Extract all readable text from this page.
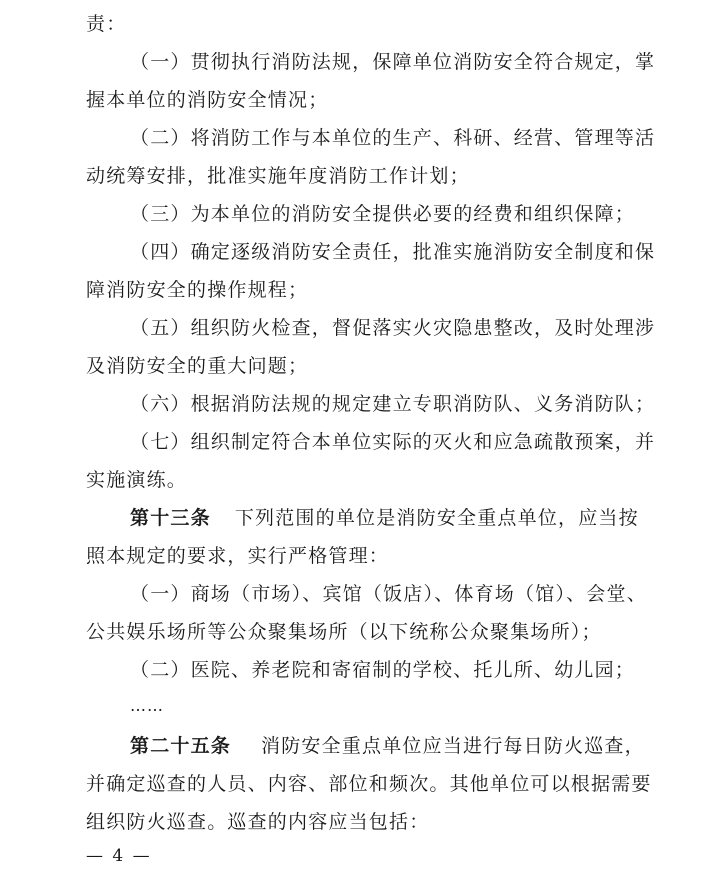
责：
（一）贯彻执行消防法规，保障单位消防安全符合规定，掌
握本单位的消防安全情况；
（二）将消防工作与本单位的生产、科研、经营、管理等活
动统筹安排，批准实施年度消防工作计划；
（三）为本单位的消防安全提供必要的经费和组织保障；
（四）确定逐级消防安全责任，批准实施消防安全制度和保
障消防安全的操作规程；
（五）组织防火检查，督促落实火灾隐患整改，及时处理涉
及消防安全的重大问题；
（六）根据消防法规的规定建立专职消防队、义务消防队；
（七）组织制定符合本单位实际的灭火和应急疏散预案，并
实施演练。
第十三条 下列范围的单位是消防安全重点单位，应当按
照本规定的要求，实行严格管理：
（一）商场（市场）、宾馆（饭店）、体育场（馆）、会堂、
公共娱乐场所等公众聚集场所（以下统称公众聚集场所）；
（二）医院、养老院和寄宿制的学校、托儿所、幼儿园；
……
第二十五条 消防安全重点单位应当进行每日防火巡查，
并确定巡查的人员、内容、部位和频次。其他单位可以根据需要
组织防火巡查。巡查的内容应当包括：
— 4 —
